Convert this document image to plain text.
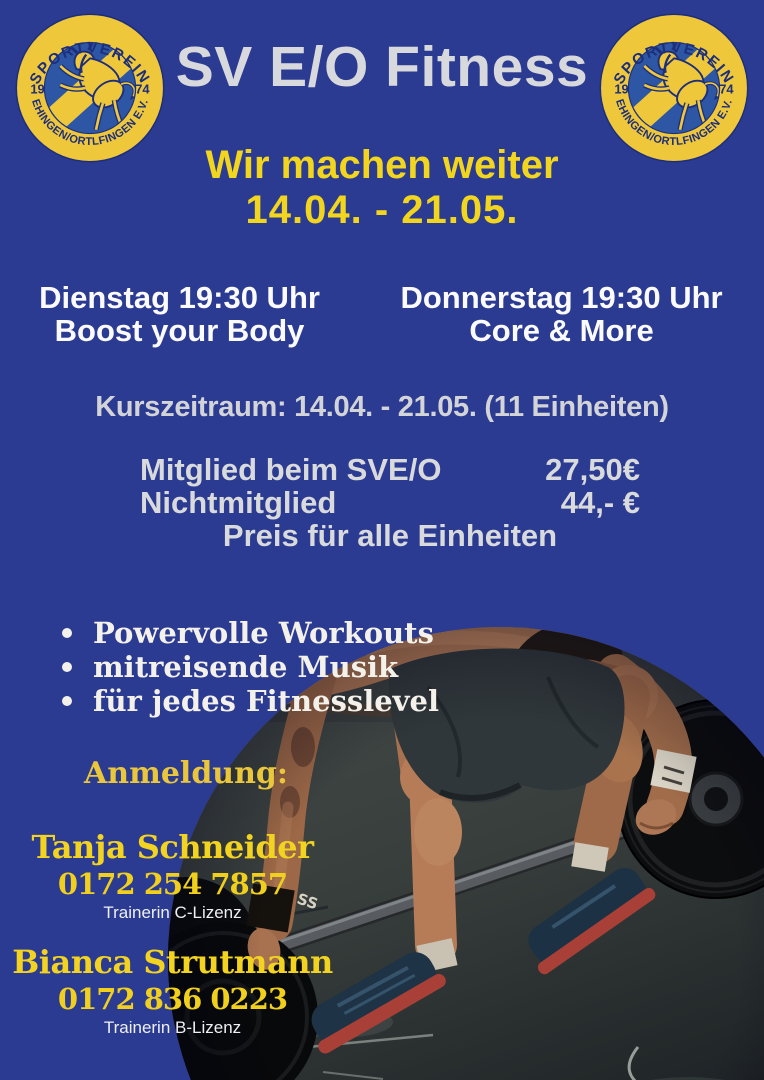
SV E/O Fitness
Wir machen weiter
14.04. - 21.05.
Dienstag 19:30 Uhr
Boost your Body
Donnerstag 19:30 Uhr
Core & More
Kurszeitraum: 14.04. - 21.05. (11 Einheiten)
Mitglied beim SVE/O	27,50€
Nichtmitglied	44,- €
Preis für alle Einheiten
Powervolle Workouts
mitreisende Musik
für jedes Fitnesslevel
Anmeldung:
Tanja Schneider
0172 254 7857
Trainerin C-Lizenz
Bianca Strutmann
0172 836 0223
Trainerin B-Lizenz
